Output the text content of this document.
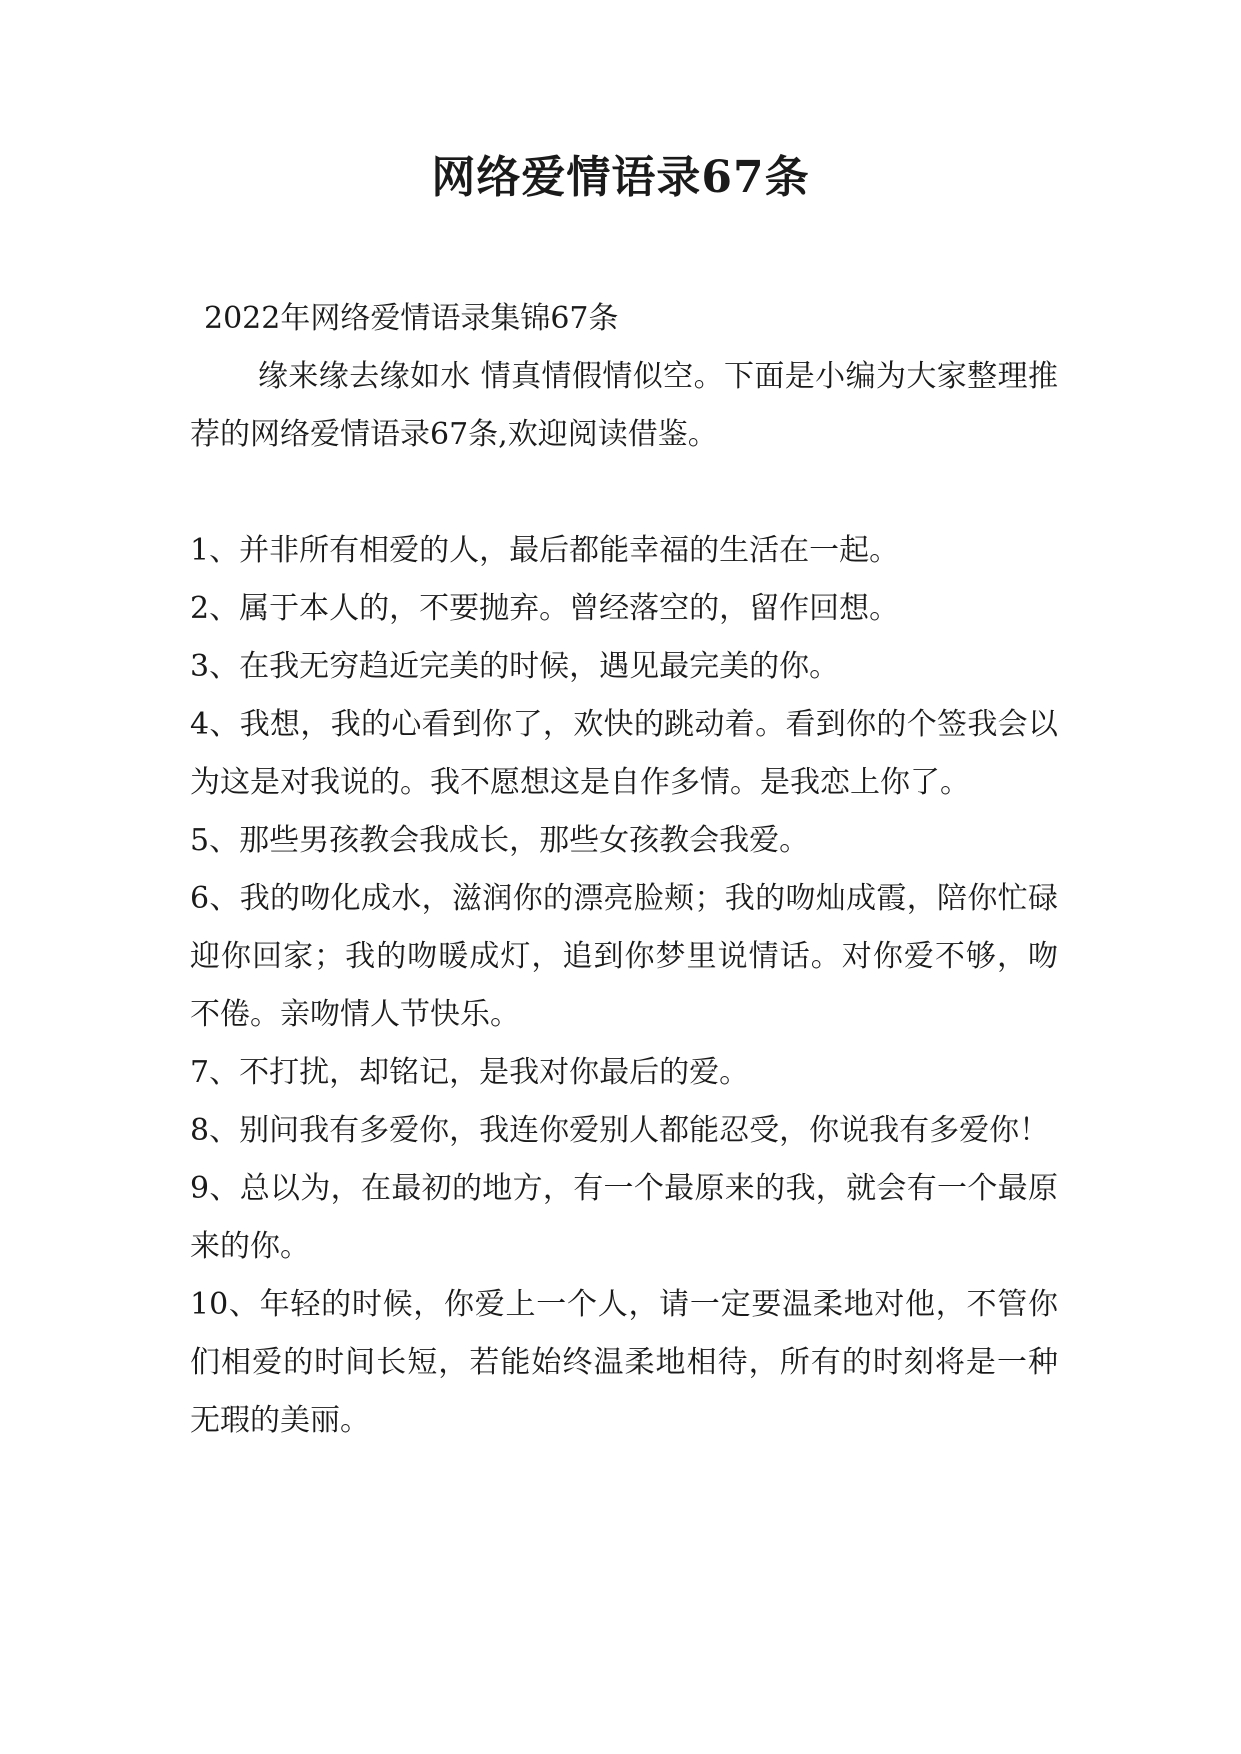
网络爱情语录67条

2022年网络爱情语录集锦67条

缘来缘去缘如水 情真情假情似空。下面是小编为大家整理推荐的网络爱情语录67条,欢迎阅读借鉴。

1、并非所有相爱的人，最后都能幸福的生活在一起。
2、属于本人的，不要抛弃。曾经落空的，留作回想。
3、在我无穷趋近完美的时候，遇见最完美的你。
4、我想，我的心看到你了，欢快的跳动着。看到你的个签我会以为这是对我说的。我不愿想这是自作多情。是我恋上你了。
5、那些男孩教会我成长，那些女孩教会我爱。
6、我的吻化成水，滋润你的漂亮脸颊；我的吻灿成霞，陪你忙碌迎你回家；我的吻暖成灯，追到你梦里说情话。对你爱不够，吻不倦。亲吻情人节快乐。
7、不打扰，却铭记，是我对你最后的爱。
8、别问我有多爱你，我连你爱别人都能忍受，你说我有多爱你！
9、总以为，在最初的地方，有一个最原来的我，就会有一个最原来的你。
10、年轻的时候，你爱上一个人，请一定要温柔地对他，不管你们相爱的时间长短，若能始终温柔地相待，所有的时刻将是一种无瑕的美丽。
